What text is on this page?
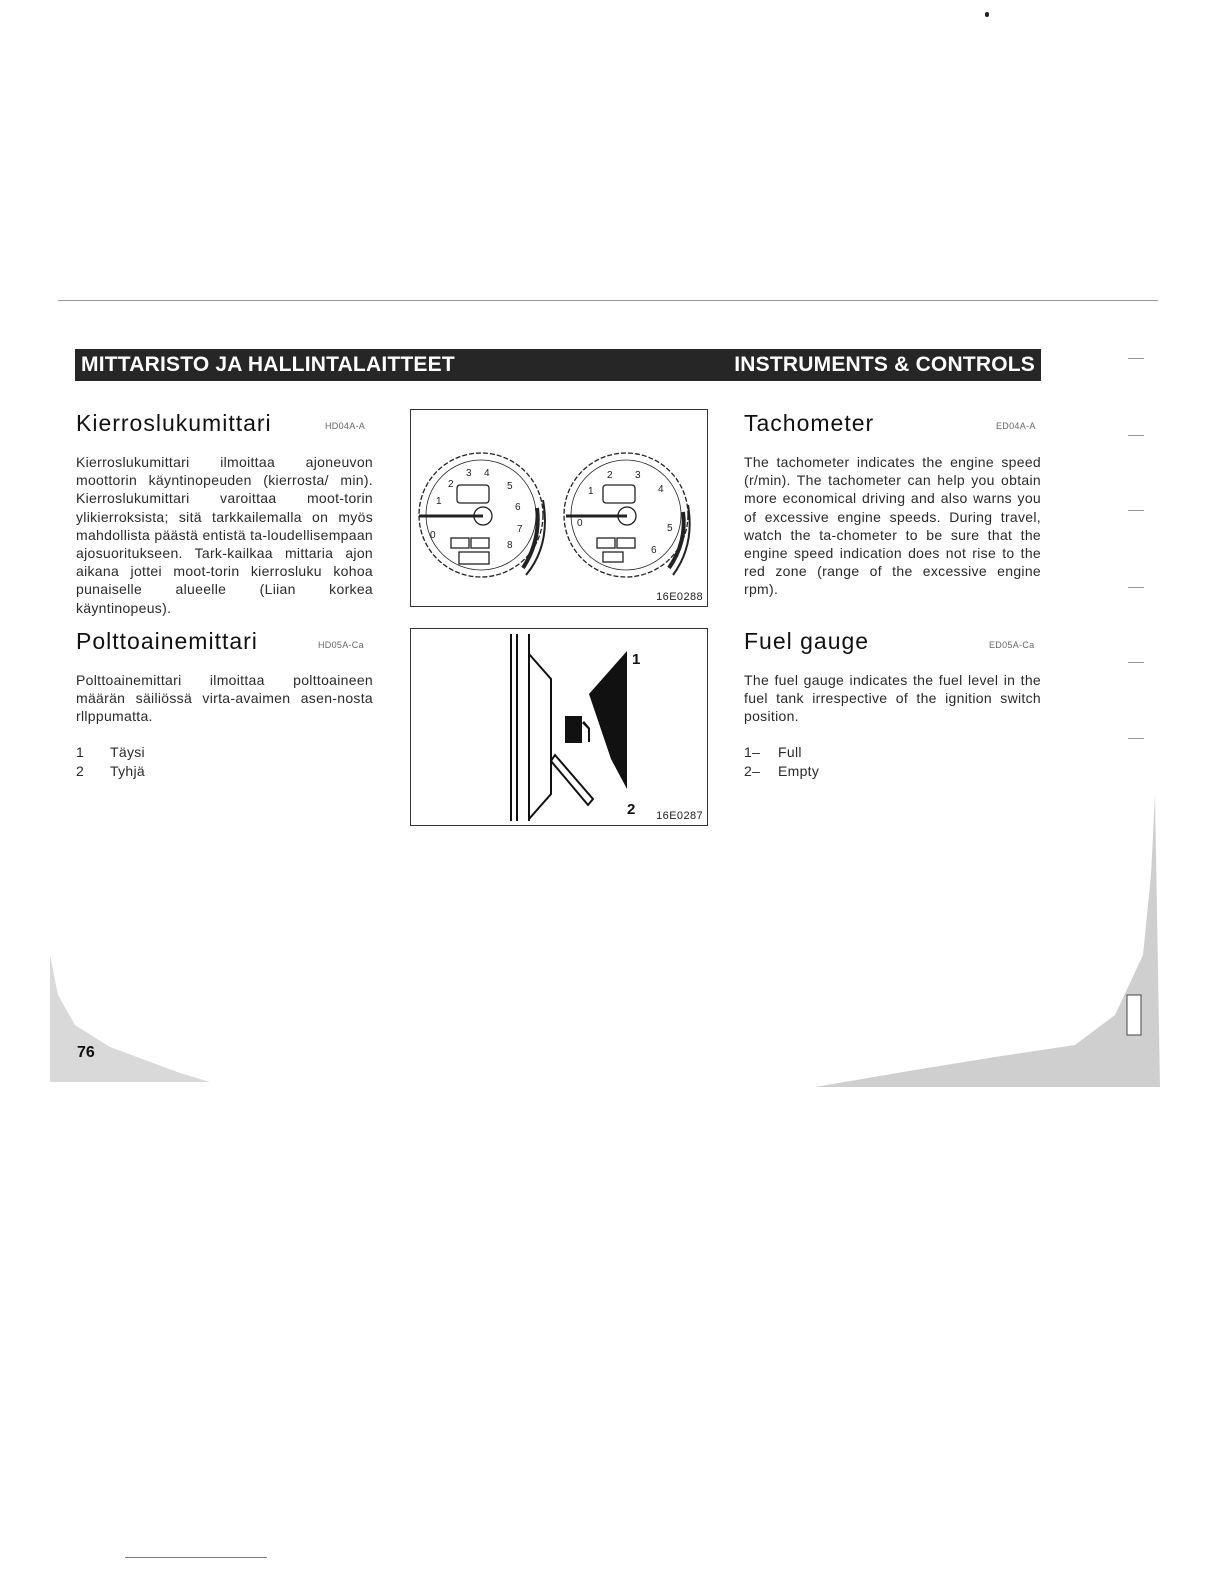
MITTARISTO JA HALLINTALAITTEET	INSTRUMENTS & CONTROLS
Kierroslukumittari	HD04A-A
Kierroslukumittari ilmoittaa ajoneuvon moottorin käyntinopeuden (kierrosta/ min). Kierroslukumittari varoittaa moot-torin ylikierroksista; sitä tarkkailemalla on myös mahdollista päästä entistä ta-loudellisempaan ajosuoritukseen. Tark-kailkaa mittaria ajon aikana jottei moot-torin kierrosluku kohoa punaiselle alueelle (Liian korkea käyntinopeus).
Polttoainemittari	HD05A-Ca
Polttoainemittari ilmoittaa polttoaineen määrän säiliössä virta-avaimen asen-nosta rllppumatta.
1 Täysi
2 Tyhjä
Tachometer	ED04A-A
The tachometer indicates the engine speed (r/min). The tachometer can help you obtain more economical driving and also warns you of excessive engine speeds. During travel, watch the ta-chometer to be sure that the engine speed indication does not rise to the red zone (range of the excessive engine rpm).
Fuel gauge	ED05A-Ca
The fuel gauge indicates the fuel level in the fuel tank irrespective of the ignition switch position.
1– Full
2– Empty
0
1
2
3 4
5
6
7
8
0
1
2 3
4
5
6
16E0288
1
2 16E0287
76
